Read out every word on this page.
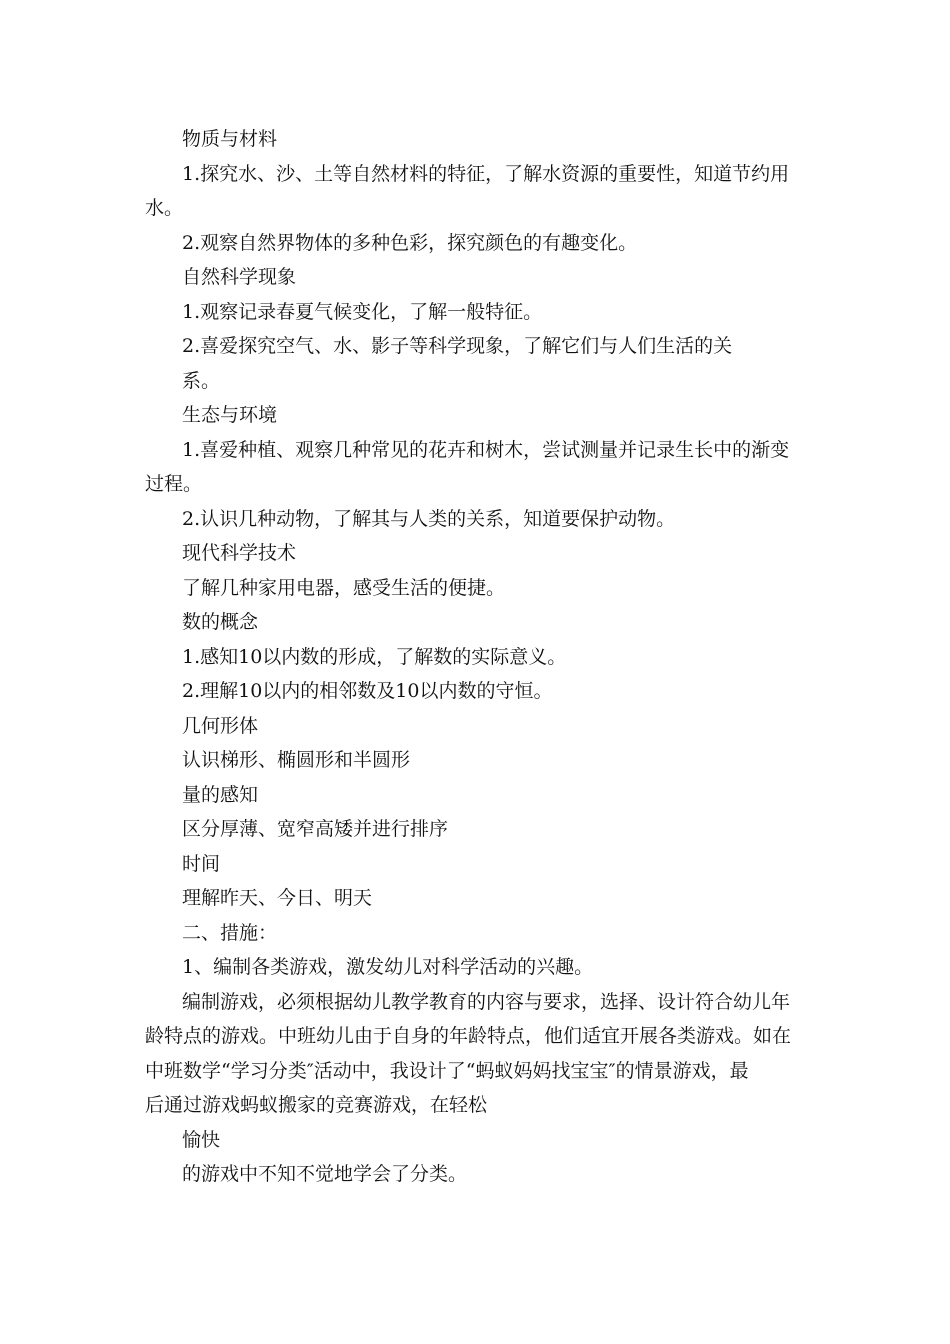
物质与材料
1.探究水、沙、土等自然材料的特征，了解水资源的重要性，知道节约用
水。
2.观察自然界物体的多种色彩，探究颜色的有趣变化。
自然科学现象
1.观察记录春夏气候变化，了解一般特征。
2.喜爱探究空气、水、影子等科学现象，了解它们与人们生活的关
系。
生态与环境
1.喜爱种植、观察几种常见的花卉和树木，尝试测量并记录生长中的渐变
过程。
2.认识几种动物，了解其与人类的关系，知道要保护动物。
现代科学技术
了解几种家用电器，感受生活的便捷。
数的概念
1.感知10以内数的形成，了解数的实际意义。
2.理解10以内的相邻数及10以内数的守恒。
几何形体
认识梯形、椭圆形和半圆形
量的感知
区分厚薄、宽窄高矮并进行排序
时间
理解昨天、今日、明天
二、措施：
1、编制各类游戏，激发幼儿对科学活动的兴趣。
编制游戏，必须根据幼儿教学教育的内容与要求，选择、设计符合幼儿年
龄特点的游戏。中班幼儿由于自身的年龄特点，他们适宜开展各类游戏。如在
中班数学“学习分类″活动中，我设计了“蚂蚁妈妈找宝宝″的情景游戏，最
后通过游戏蚂蚁搬家的竞赛游戏，在轻松
愉快
的游戏中不知不觉地学会了分类。
